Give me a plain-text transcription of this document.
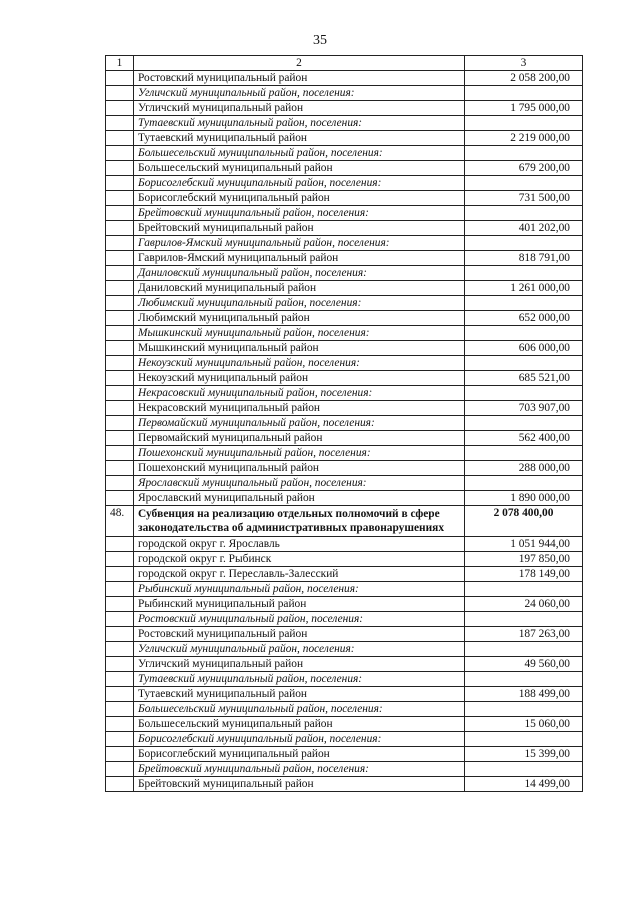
35
1	2	3
	Ростовский муниципальный район	2 058 200,00
	Угличский муниципальный район, поселения:	
	Угличский муниципальный район	1 795 000,00
	Тутаевский муниципальный район, поселения:	
	Тутаевский муниципальный район	2 219 000,00
	Большесельский муниципальный район, поселения:	
	Большесельский муниципальный район	679 200,00
	Борисоглебский муниципальный район, поселения:	
	Борисоглебский муниципальный район	731 500,00
	Брейтовский муниципальный район, поселения:	
	Брейтовский муниципальный район	401 202,00
	Гаврилов-Ямский муниципальный район, поселения:	
	Гаврилов-Ямский муниципальный район	818 791,00
	Даниловский муниципальный район, поселения:	
	Даниловский муниципальный район	1 261 000,00
	Любимский муниципальный район, поселения:	
	Любимский муниципальный район	652 000,00
	Мышкинский муниципальный район, поселения:	
	Мышкинский муниципальный район	606 000,00
	Некоузский муниципальный район, поселения:	
	Некоузский муниципальный район	685 521,00
	Некрасовский муниципальный район, поселения:	
	Некрасовский муниципальный район	703 907,00
	Первомайский муниципальный район, поселения:	
	Первомайский муниципальный район	562 400,00
	Пошехонский муниципальный район, поселения:	
	Пошехонский муниципальный район	288 000,00
	Ярославский муниципальный район, поселения:	
	Ярославский муниципальный район	1 890 000,00
48.	Субвенция на реализацию отдельных полномочий в сфере законодательства об административных правонарушениях	2 078 400,00
	городской округ г. Ярославль	1 051 944,00
	городской округ г. Рыбинск	197 850,00
	городской округ г. Переславль-Залесский	178 149,00
	Рыбинский муниципальный район, поселения:	
	Рыбинский муниципальный район	24 060,00
	Ростовский муниципальный район, поселения:	
	Ростовский муниципальный район	187 263,00
	Угличский муниципальный район, поселения:	
	Угличский муниципальный район	49 560,00
	Тутаевский муниципальный район, поселения:	
	Тутаевский муниципальный район	188 499,00
	Большесельский муниципальный район, поселения:	
	Большесельский муниципальный район	15 060,00
	Борисоглебский муниципальный район, поселения:	
	Борисоглебский муниципальный район	15 399,00
	Брейтовский муниципальный район, поселения:	
	Брейтовский муниципальный район	14 499,00
